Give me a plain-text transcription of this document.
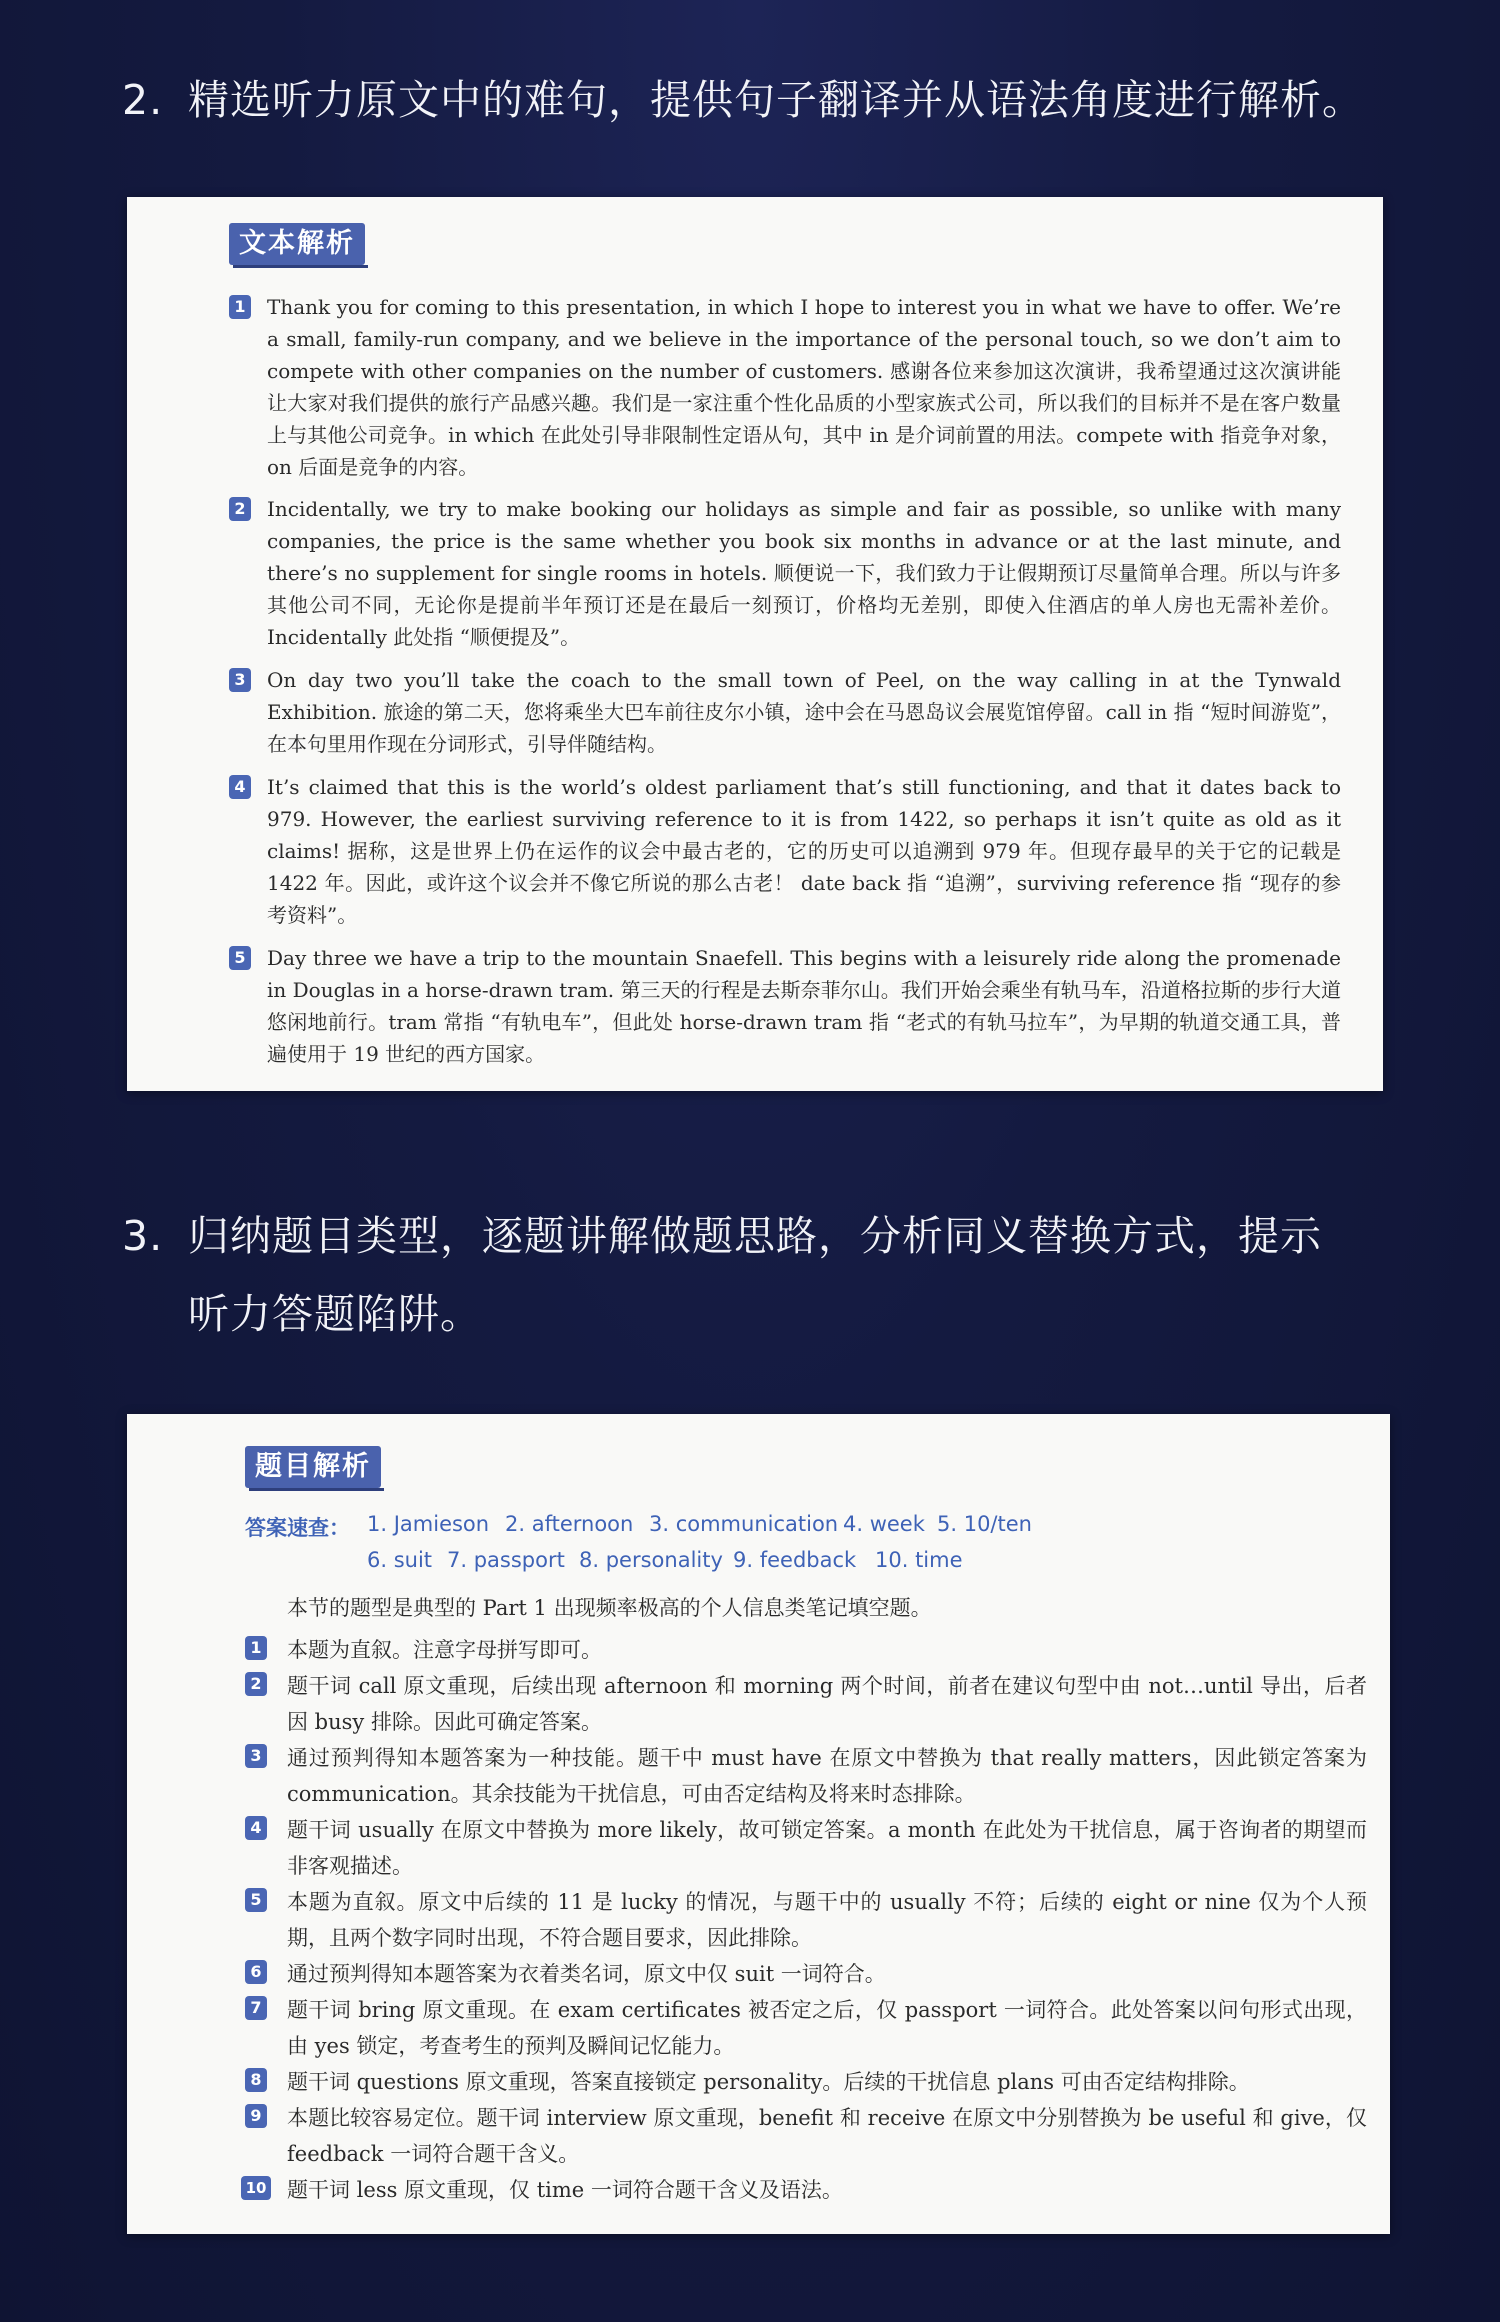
2. 精选听力原文中的难句，提供句子翻译并从语法角度进行解析。
文本解析
1 Thank you for coming to this presentation, in which I hope to interest you in what we have to offer. We’re a small, family-run company, and we believe in the importance of the personal touch, so we don’t aim to compete with other companies on the number of customers. 感谢各位来参加这次演讲，我希望通过这次演讲能让大家对我们提供的旅行产品感兴趣。我们是一家注重个性化品质的小型家族式公司，所以我们的目标并不是在客户数量上与其他公司竞争。in which 在此处引导非限制性定语从句，其中 in 是介词前置的用法。compete with 指竞争对象，on 后面是竞争的内容。

2 Incidentally, we try to make booking our holidays as simple and fair as possible, so unlike with many companies, the price is the same whether you book six months in advance or at the last minute, and there’s no supplement for single rooms in hotels. 顺便说一下，我们致力于让假期预订尽量简单合理。所以与许多其他公司不同，无论你是提前半年预订还是在最后一刻预订，价格均无差别，即使入住酒店的单人房也无需补差价。Incidentally 此处指 “顺便提及”。

3 On day two you’ll take the coach to the small town of Peel, on the way calling in at the Tynwald Exhibition. 旅途的第二天，您将乘坐大巴车前往皮尔小镇，途中会在马恩岛议会展览馆停留。call in 指 “短时间游览”，在本句里用作现在分词形式，引导伴随结构。

4 It’s claimed that this is the world’s oldest parliament that’s still functioning, and that it dates back to 979. However, the earliest surviving reference to it is from 1422, so perhaps it isn’t quite as old as it claims! 据称，这是世界上仍在运作的议会中最古老的，它的历史可以追溯到 979 年。但现存最早的关于它的记载是 1422 年。因此，或许这个议会并不像它所说的那么古老！ date back 指 “追溯”，surviving reference 指 “现存的参考资料”。

5 Day three we have a trip to the mountain Snaefell. This begins with a leisurely ride along the promenade in Douglas in a horse-drawn tram. 第三天的行程是去斯奈菲尔山。我们开始会乘坐有轨马车，沿道格拉斯的步行大道悠闲地前行。tram 常指 “有轨电车”，但此处 horse-drawn tram 指 “老式的有轨马拉车”，为早期的轨道交通工具，普遍使用于 19 世纪的西方国家。

3. 归纳题目类型，逐题讲解做题思路，分析同义替换方式，提示
听力答题陷阱。
题目解析
答案速查： 1. Jamieson 2. afternoon 3. communication 4. week 5. 10/ten
6. suit 7. passport 8. personality 9. feedback 10. time

本节的题型是典型的 Part 1 出现频率极高的个人信息类笔记填空题。

1 本题为直叙。注意字母拼写即可。

2 题干词 call 原文重现，后续出现 afternoon 和 morning 两个时间，前者在建议句型中由 not…until 导出，后者因 busy 排除。因此可确定答案。

3 通过预判得知本题答案为一种技能。题干中 must have 在原文中替换为 that really matters，因此锁定答案为 communication。其余技能为干扰信息，可由否定结构及将来时态排除。

4 题干词 usually 在原文中替换为 more likely，故可锁定答案。a month 在此处为干扰信息，属于咨询者的期望而非客观描述。

5 本题为直叙。原文中后续的 11 是 lucky 的情况，与题干中的 usually 不符；后续的 eight or nine 仅为个人预期，且两个数字同时出现，不符合题目要求，因此排除。

6 通过预判得知本题答案为衣着类名词，原文中仅 suit 一词符合。

7 题干词 bring 原文重现。在 exam certificates 被否定之后，仅 passport 一词符合。此处答案以问句形式出现，由 yes 锁定，考查考生的预判及瞬间记忆能力。

8 题干词 questions 原文重现，答案直接锁定 personality。后续的干扰信息 plans 可由否定结构排除。

9 本题比较容易定位。题干词 interview 原文重现，benefit 和 receive 在原文中分别替换为 be useful 和 give，仅 feedback 一词符合题干含义。

10 题干词 less 原文重现，仅 time 一词符合题干含义及语法。
